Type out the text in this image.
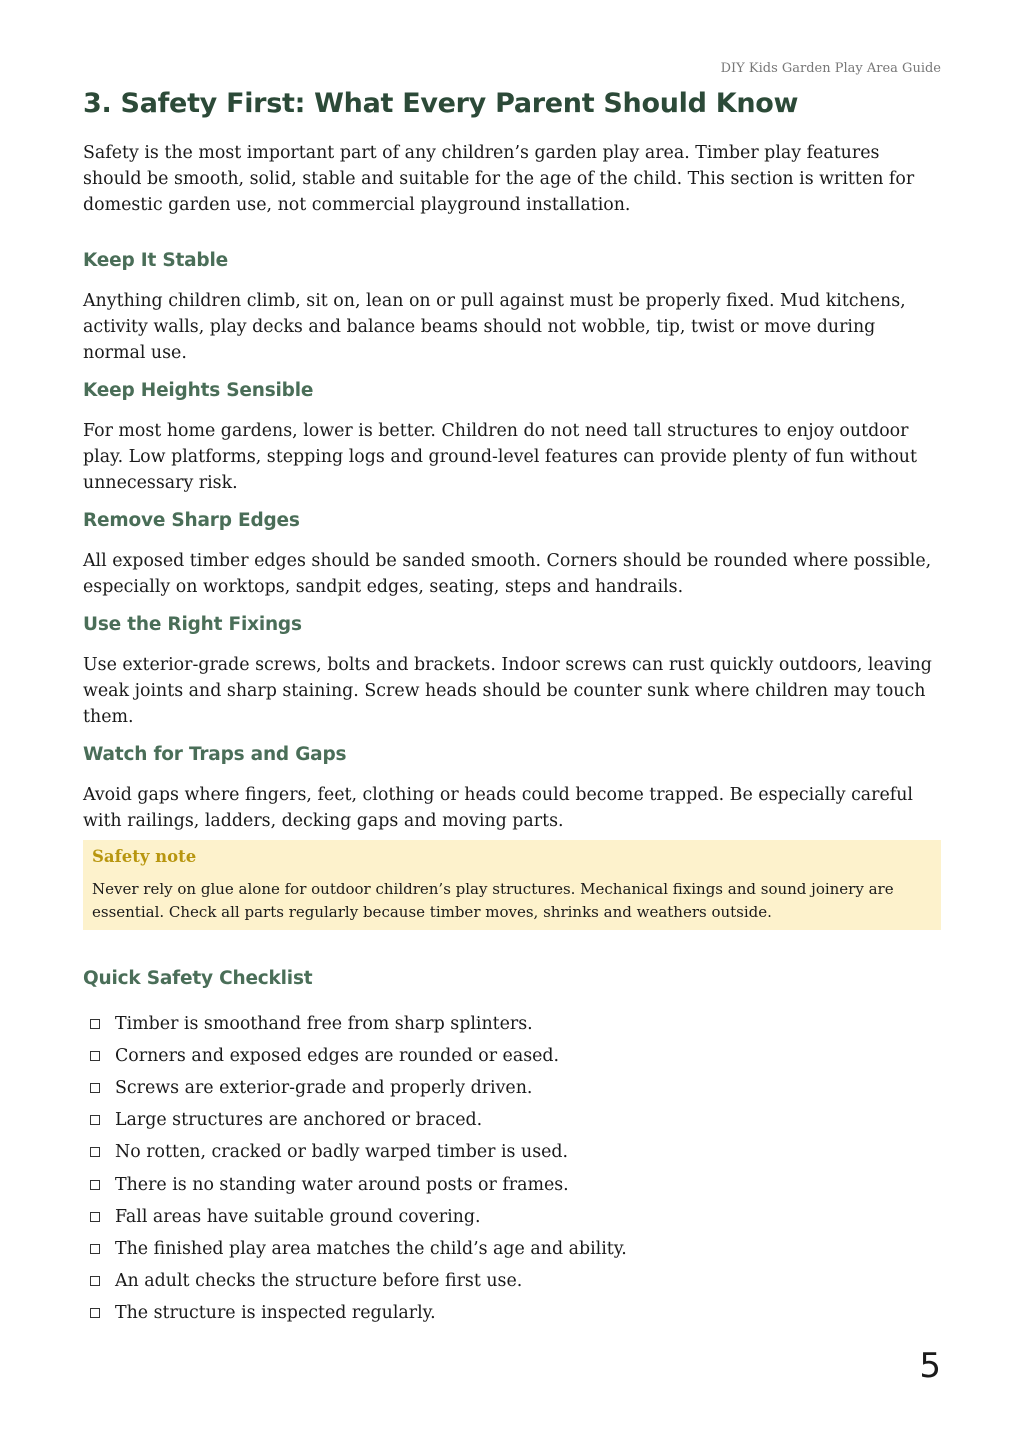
DIY Kids Garden Play Area Guide
3. Safety First: What Every Parent Should Know

Safety is the most important part of any children’s garden play area. Timber play features should be smooth, solid, stable and suitable for the age of the child. This section is written for domestic garden use, not commercial playground installation.

Keep It Stable

Anything children climb, sit on, lean on or pull against must be properly fixed. Mud kitchens, activity walls, play decks and balance beams should not wobble, tip, twist or move during normal use.

Keep Heights Sensible

For most home gardens, lower is better. Children do not need tall structures to enjoy outdoor play. Low platforms, stepping logs and ground-level features can provide plenty of fun without unnecessary risk.

Remove Sharp Edges

All exposed timber edges should be sanded smooth. Corners should be rounded where possible, especially on worktops, sandpit edges, seating, steps and handrails.

Use the Right Fixings

Use exterior-grade screws, bolts and brackets. Indoor screws can rust quickly outdoors, leaving weak joints and sharp staining. Screw heads should be counter sunk where children may touch them.

Watch for Traps and Gaps

Avoid gaps where fingers, feet, clothing or heads could become trapped. Be especially careful with railings, ladders, decking gaps and moving parts.

Safety note
Never rely on glue alone for outdoor children’s play structures. Mechanical fixings and sound joinery are essential. Check all parts regularly because timber moves, shrinks and weathers outside.
Quick Safety Checklist
Timber is smoothand free from sharp splinters.
Corners and exposed edges are rounded or eased.
Screws are exterior-grade and properly driven.
Large structures are anchored or braced.
No rotten, cracked or badly warped timber is used.
There is no standing water around posts or frames.
Fall areas have suitable ground covering.
The finished play area matches the child’s age and ability.
An adult checks the structure before first use.
The structure is inspected regularly.
5
